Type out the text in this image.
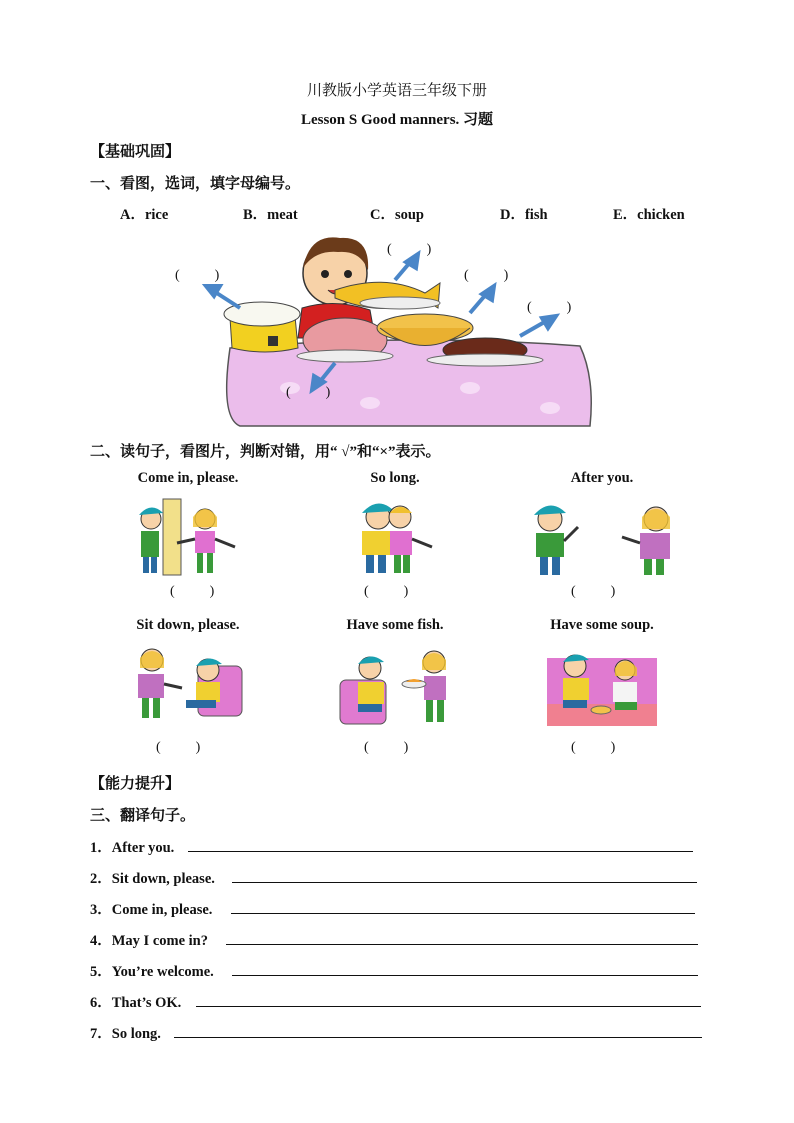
川教版小学英语三年级下册
Lesson S Good manners. 习题
【基础巩固】
一、看图，选词，填字母编号。
A．rice	B．meat	C．soup	D．fish	E．chicken
(          )
(          )	(          )
(          )
(          )
二、读句子，看图片，判断对错，用“ √”和“×”表示。
Come in, please.	So long.	After you.
(          )	(          )	(          )
Sit down, please.	Have some fish.	Have some soup.
(          )	(          )	(          )
【能力提升】
三、翻译句子。
1．After you.
2．Sit down, please.
3．Come in, please.
4．May I come in?
5．You’re welcome.
6．That’s OK.
7．So long.
